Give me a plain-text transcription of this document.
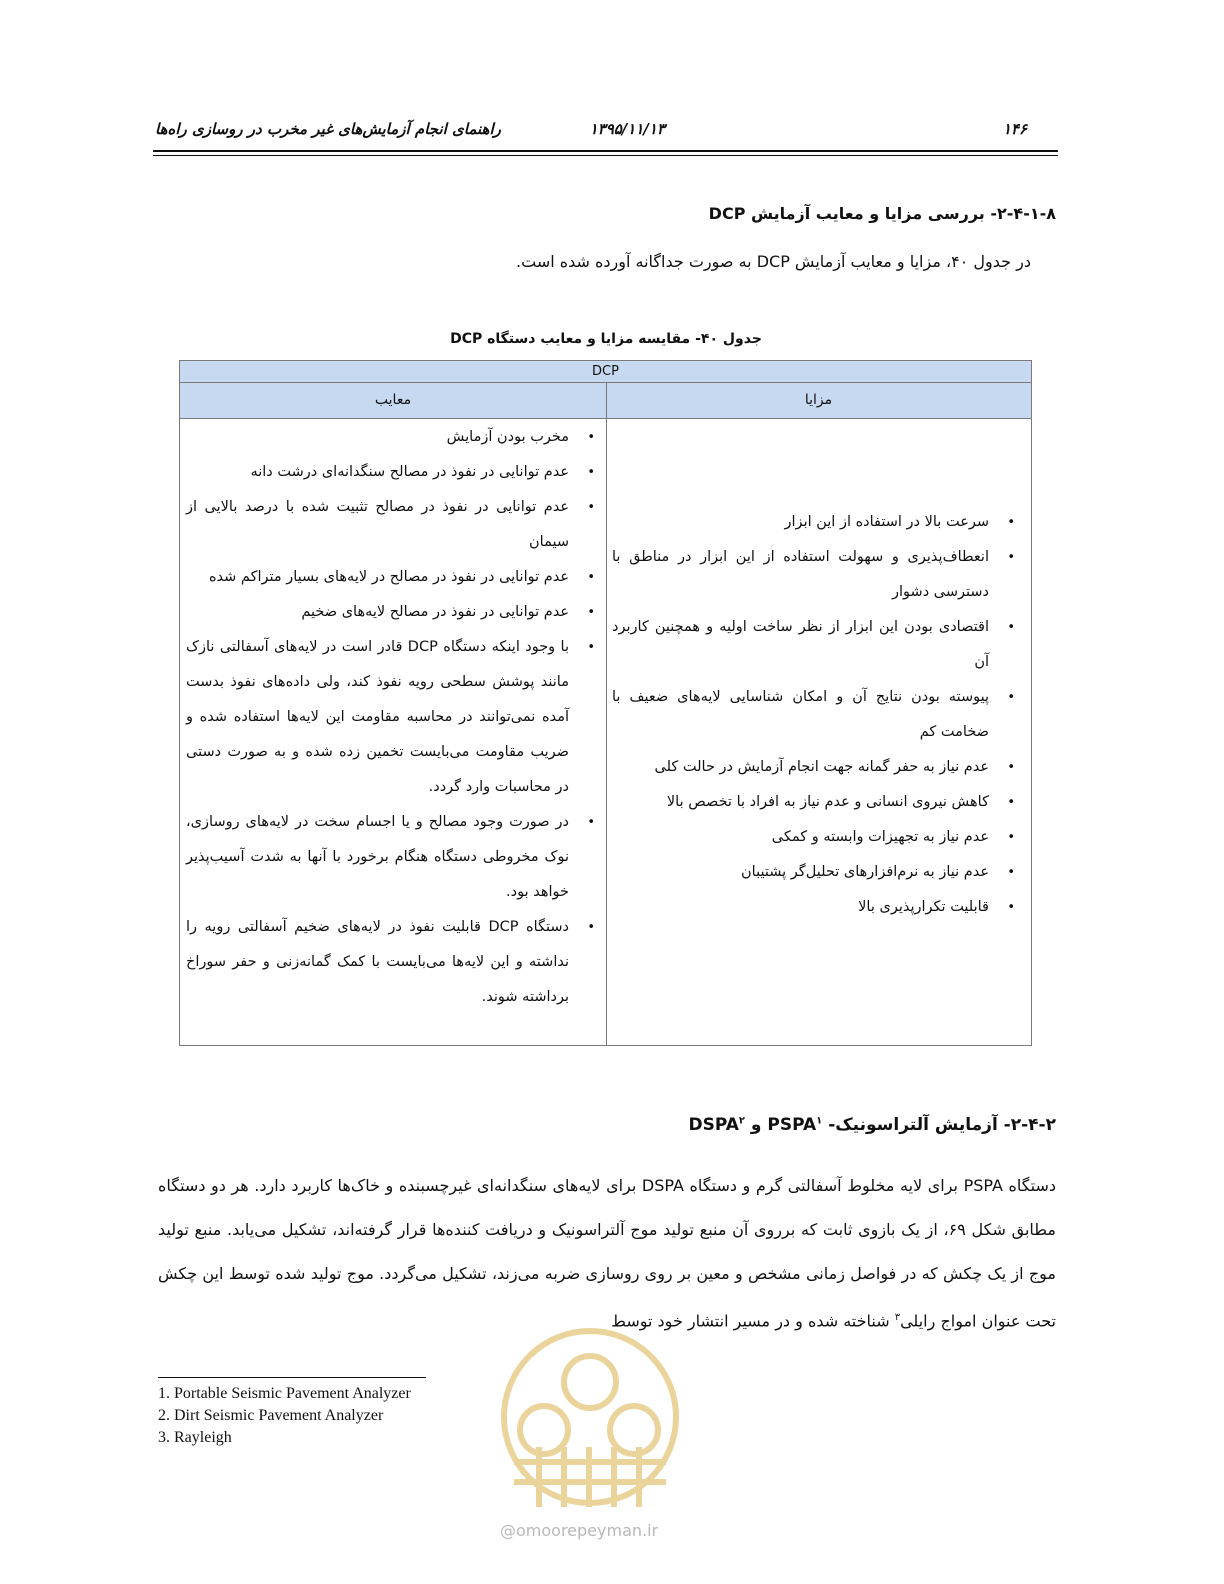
۱۴۶
۱۳۹۵/۱۱/۱۳
راهنمای انجام آزمایش‌های غیر مخرب در روسازی راه‌ها
۲-۴-۱-۸- بررسی مزایا و معایب آزمایش DCP
در جدول ۴۰، مزایا و معایب آزمایش DCP به صورت جداگانه آورده شده است.
جدول ۴۰- مقایسه مزایا و معایب دستگاه DCP
DCP
معایب	مزایا
•
سرعت بالا در استفاده از این ابزار
•
انعطاف‌پذیری و سهولت استفاده از این ابزار در مناطق با دسترسی دشوار
•
اقتصادی بودن این ابزار از نظر ساخت اولیه و همچنین کاربرد آن
•
پیوسته بودن نتایج آن و امکان شناسایی لایه‌های ضعیف با ضخامت کم
•
عدم نیاز به حفر گمانه جهت انجام آزمایش در حالت کلی
•
کاهش نیروی انسانی و عدم نیاز به افراد با تخصص بالا
•
عدم نیاز به تجهیزات وابسته و کمکی
•
عدم نیاز به نرم‌افزارهای تحلیل‌گر پشتیبان
•
قابلیت تکرارپذیری بالا
•
مخرب بودن آزمایش
•
عدم توانایی در نفوذ در مصالح سنگدانه‌ای درشت دانه
•
عدم توانایی در نفوذ در مصالح تثبیت شده با درصد بالایی از سیمان
•
عدم توانایی در نفوذ در مصالح در لایه‌های بسیار متراکم شده
•
عدم توانایی در نفوذ در مصالح لایه‌های ضخیم
•
با وجود اینکه دستگاه DCP قادر است در لایه‌های آسفالتی نازک مانند پوشش سطحی رویه نفوذ کند، ولی داده‌های نفوذ بدست آمده نمی‌توانند در محاسبه مقاومت این لایه‌ها استفاده شده و ضریب مقاومت می‌بایست تخمین زده شده و به صورت دستی در محاسبات وارد گردد.
•
در صورت وجود مصالح و یا اجسام سخت در لایه‌های روسازی، نوک مخروطی دستگاه هنگام برخورد با آنها به شدت آسیب‌پذیر خواهد بود.
•
دستگاه DCP قابلیت نفوذ در لایه‌های ضخیم آسفالتی رویه را نداشته و این لایه‌ها می‌بایست با کمک گمانه‌زنی و حفر سوراخ برداشته شوند.
۲-۴-۲- آزمایش آلتراسونیک- PSPA$^۱$ و DSPA$^۲$
دستگاه PSPA برای لایه مخلوط آسفالتی گرم و دستگاه DSPA برای لایه‌های سنگدانه‌ای غیرچسبنده و خاک‌ها کاربرد دارد. هر دو دستگاه مطابق شکل ۶۹، از یک بازوی ثابت که برروی آن منبع تولید موج آلتراسونیک و دریافت کننده‌ها قرار گرفته‌اند، تشکیل می‌یابد. منبع تولید موج از یک چکش که در فواصل زمانی مشخص و معین بر روی روسازی ضربه می‌زند، تشکیل می‌گردد. موج تولید شده توسط این چکش تحت عنوان امواج رایلی$^۳$ شناخته شده و در مسیر انتشار خود توسط
@omoorepeyman.ir
1. Portable Seismic Pavement Analyzer
2. Dirt Seismic Pavement Analyzer
3. Rayleigh
